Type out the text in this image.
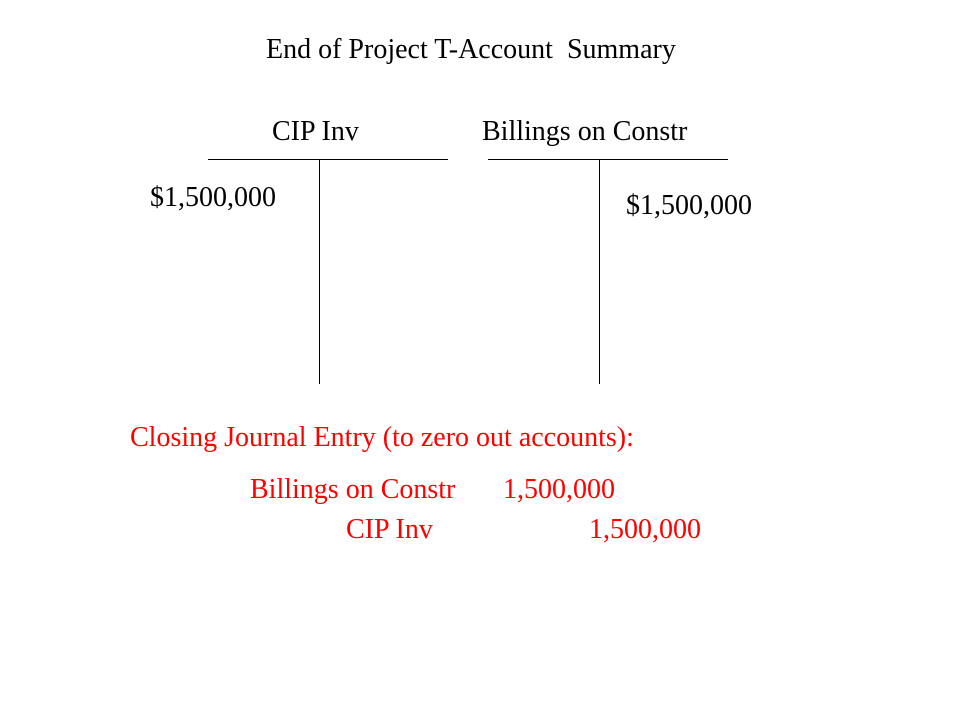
End of Project T-Account  Summary
CIP Inv	Billings on Constr
$1,500,000	$1,500,000
Closing Journal Entry (to zero out accounts):
Billings on Constr 1,500,000
CIP Inv	1,500,000
